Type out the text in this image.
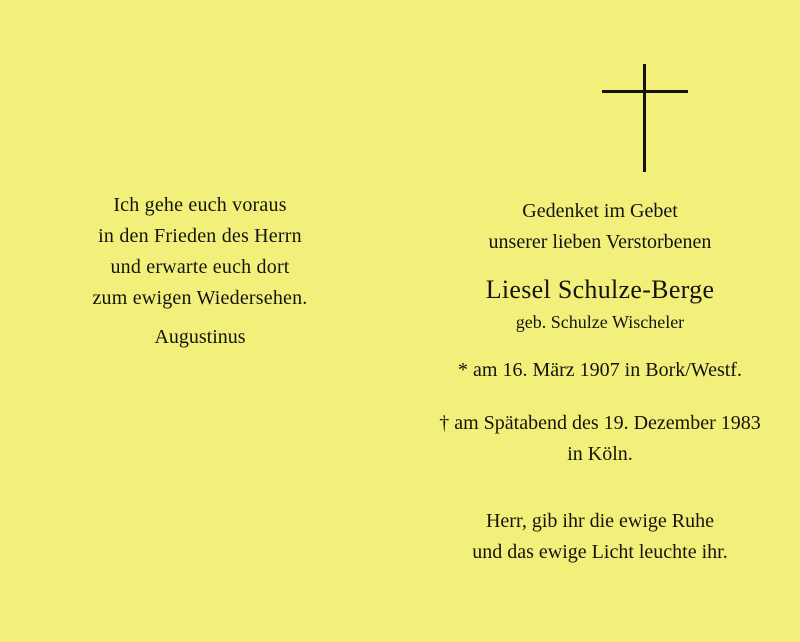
Ich gehe euch voraus
in den Frieden des Herrn
und erwarte euch dort
zum ewigen Wiedersehen.
Augustinus
Gedenket im Gebet
unserer lieben Verstorbenen
Liesel Schulze-Berge
geb. Schulze Wischeler
* am 16. März 1907 in Bork/Westf.
† am Spätabend des 19. Dezember 1983
in Köln.
Herr, gib ihr die ewige Ruhe
und das ewige Licht leuchte ihr.
